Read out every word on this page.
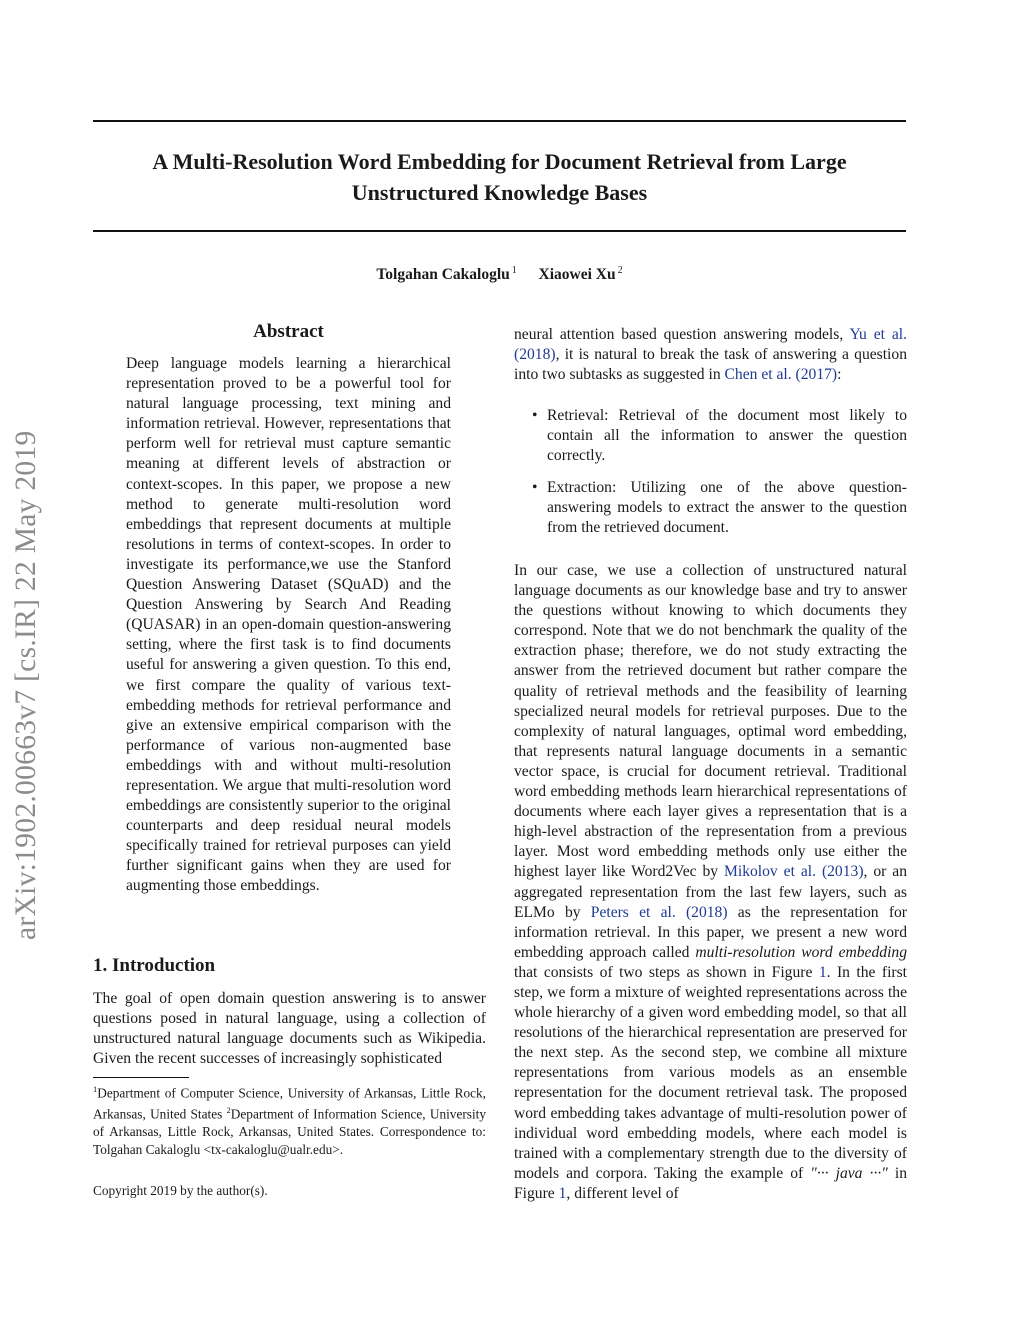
arXiv:1902.00663v7 [cs.IR] 22 May 2019
A Multi-Resolution Word Embedding for Document Retrieval from Large
Unstructured Knowledge Bases
Tolgahan Cakaloglu $^1$ Xiaowei Xu $^2$
Abstract

Deep language models learning a hierarchical representation proved to be a powerful tool for natural language processing, text mining and information retrieval. However, representations that perform well for retrieval must capture semantic meaning at different levels of abstraction or context-scopes. In this paper, we propose a new method to generate multi-resolution word embeddings that represent documents at multiple resolutions in terms of context-scopes. In order to investigate its performance,we use the Stanford Question Answering Dataset (SQuAD) and the Question Answering by Search And Reading (QUASAR) in an open-domain question-answering setting, where the first task is to find documents useful for answering a given question. To this end, we first compare the quality of various text-embedding methods for retrieval performance and give an extensive empirical comparison with the performance of various non-augmented base embeddings with and without multi-resolution representation. We argue that multi-resolution word embeddings are consistently superior to the original counterparts and deep residual neural models specifically trained for retrieval purposes can yield further significant gains when they are used for augmenting those embeddings.

1. Introduction

The goal of open domain question answering is to answer questions posed in natural language, using a collection of unstructured natural language documents such as Wikipedia. Given the recent successes of increasingly sophisticated

$^1$Department of Computer Science, University of Arkansas, Little Rock, Arkansas, United States $^2$Department of Information Science, University of Arkansas, Little Rock, Arkansas, United States. Correspondence to: Tolgahan Cakaloglu <tx-cakaloglu@ualr.edu>.

Copyright 2019 by the author(s).

neural attention based question answering models, Yu et al. (2018), it is natural to break the task of answering a question into two subtasks as suggested in Chen et al. (2017):

• Retrieval: Retrieval of the document most likely to contain all the information to answer the question correctly.
• Extraction: Utilizing one of the above question-answering models to extract the answer to the question from the retrieved document.

In our case, we use a collection of unstructured natural language documents as our knowledge base and try to answer the questions without knowing to which documents they correspond. Note that we do not benchmark the quality of the extraction phase; therefore, we do not study extracting the answer from the retrieved document but rather compare the quality of retrieval methods and the feasibility of learning specialized neural models for retrieval purposes. Due to the complexity of natural languages, optimal word embedding, that represents natural language documents in a semantic vector space, is crucial for document retrieval. Traditional word embedding methods learn hierarchical representations of documents where each layer gives a representation that is a high-level abstraction of the representation from a previous layer. Most word embedding methods only use either the highest layer like Word2Vec by Mikolov et al. (2013), or an aggregated representation from the last few layers, such as ELMo by Peters et al. (2018) as the representation for information retrieval. In this paper, we present a new word embedding approach called multi-resolution word embedding that consists of two steps as shown in Figure 1. In the first step, we form a mixture of weighted representations across the whole hierarchy of a given word embedding model, so that all resolutions of the hierarchical representation are preserved for the next step. As the second step, we combine all mixture representations from various models as an ensemble representation for the document retrieval task. The proposed word embedding takes advantage of multi-resolution power of individual word embedding models, where each model is trained with a complementary strength due to the diversity of models and corpora. Taking the example of "··· java ···" in Figure 1, different level of
